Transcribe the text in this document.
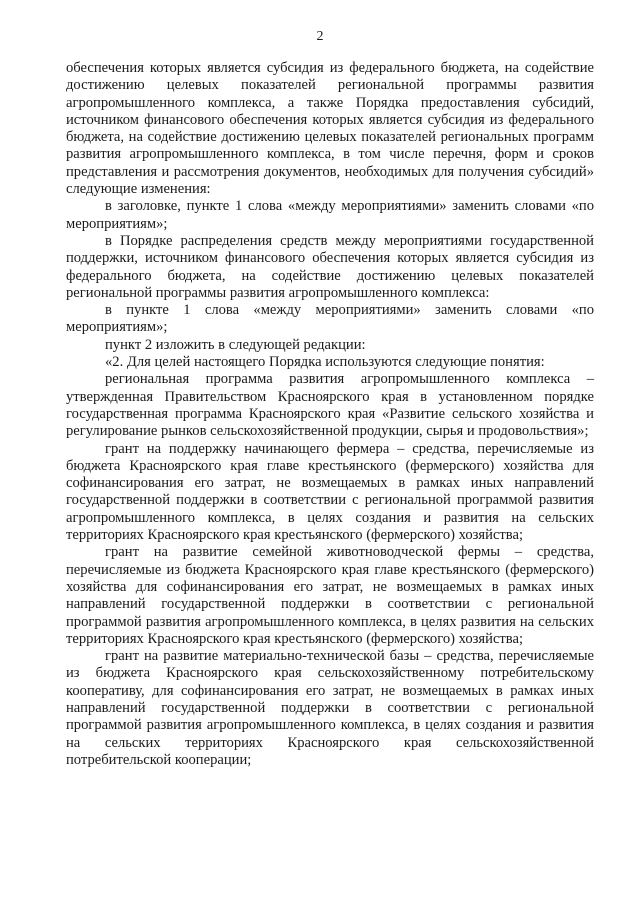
2

обеспечения которых является субсидия из федерального бюджета, на содействие достижению целевых показателей региональной программы развития агропромышленного комплекса, а также Порядка предоставления субсидий, источником финансового обеспечения которых является субсидия из федерального бюджета, на содействие достижению целевых показателей региональных программ развития агропромышленного комплекса, в том числе перечня, форм и сроков представления и рассмотрения документов, необходимых для получения субсидий» следующие изменения:

в заголовке, пункте 1 слова «между мероприятиями» заменить словами «по мероприятиям»;

в Порядке распределения средств между мероприятиями государственной поддержки, источником финансового обеспечения которых является субсидия из федерального бюджета, на содействие достижению целевых показателей региональной программы развития агропромышленного комплекса:

в пункте 1 слова «между мероприятиями» заменить словами «по мероприятиям»;

пункт 2 изложить в следующей редакции:

«2. Для целей настоящего Порядка используются следующие понятия:

региональная программа развития агропромышленного комплекса – утвержденная Правительством Красноярского края в установленном порядке государственная программа Красноярского края «Развитие сельского хозяйства и регулирование рынков сельскохозяйственной продукции, сырья и продовольствия»;

грант на поддержку начинающего фермера – средства, перечисляемые из бюджета Красноярского края главе крестьянского (фермерского) хозяйства для софинансирования его затрат, не возмещаемых в рамках иных направлений государственной поддержки в соответствии с региональной программой развития агропромышленного комплекса, в целях создания и развития на сельских территориях Красноярского края крестьянского (фермерского) хозяйства;

грант на развитие семейной животноводческой фермы – средства, перечисляемые из бюджета Красноярского края главе крестьянского (фермерского) хозяйства для софинансирования его затрат, не возмещаемых в рамках иных направлений государственной поддержки в соответствии с региональной программой развития агропромышленного комплекса, в целях развития на сельских территориях Красноярского края крестьянского (фермерского) хозяйства;

грант на развитие материально-технической базы – средства, перечисляемые из бюджета Красноярского края сельскохозяйственному потребительскому кооперативу, для софинансирования его затрат, не возмещаемых в рамках иных направлений государственной поддержки в соответствии с региональной программой развития агропромышленного комплекса, в целях создания и развития на сельских территориях Красноярского края сельскохозяйственной потребительской кооперации;
